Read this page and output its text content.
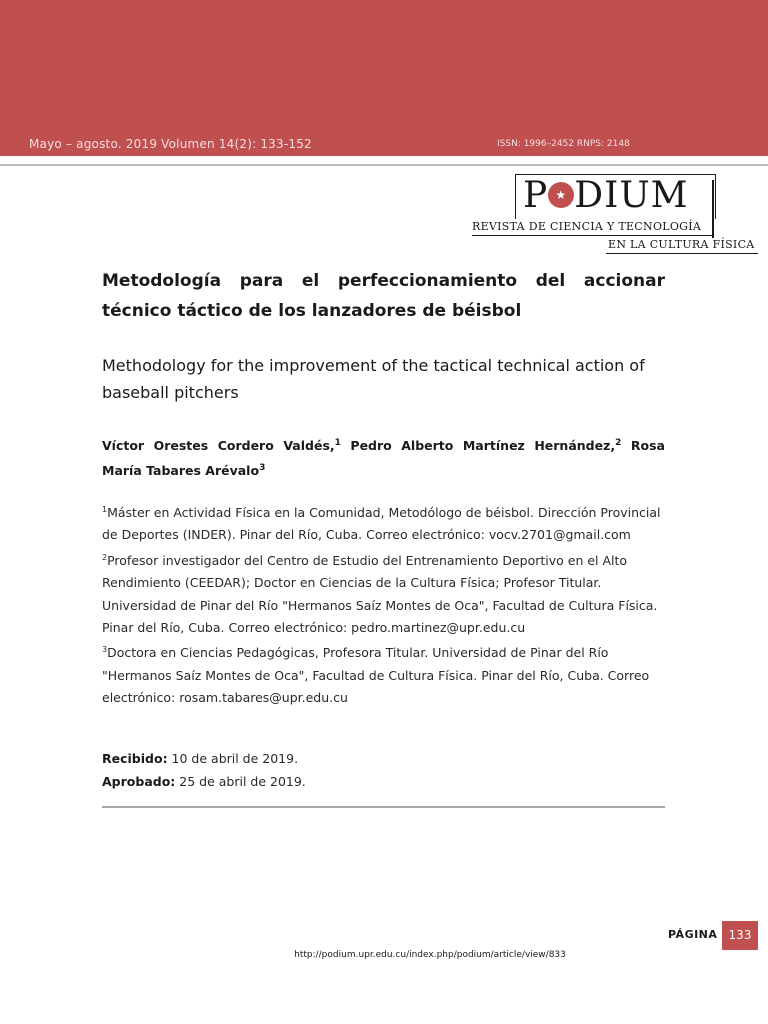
Mayo – agosto. 2019 Volumen 14(2): 133-152	ISSN: 1996–2452 RNPS: 2148
P ★ DIUM
REVISTA DE CIENCIA Y TECNOLOGÍA
EN LA CULTURA FÍSICA
Metodología para el perfeccionamiento del accionar técnico táctico de los lanzadores de béisbol
Methodology for the improvement of the tactical technical action of baseball pitchers
Víctor Orestes Cordero Valdés,$^1$ Pedro Alberto Martínez Hernández,$^2$ Rosa María Tabares Arévalo$^3$

$^1$Máster en Actividad Física en la Comunidad, Metodólogo de béisbol. Dirección Provincial de Deportes (INDER). Pinar del Río, Cuba. Correo electrónico: vocv.2701@gmail.com

$^2$Profesor investigador del Centro de Estudio del Entrenamiento Deportivo en el Alto Rendimiento (CEEDAR); Doctor en Ciencias de la Cultura Física; Profesor Titular. Universidad de Pinar del Río "Hermanos Saíz Montes de Oca", Facultad de Cultura Física. Pinar del Río, Cuba. Correo electrónico: pedro.martinez@upr.edu.cu

$^3$Doctora en Ciencias Pedagógicas, Profesora Titular. Universidad de Pinar del Río "Hermanos Saíz Montes de Oca", Facultad de Cultura Física. Pinar del Río, Cuba. Correo electrónico: rosam.tabares@upr.edu.cu

Recibido: 10 de abril de 2019.
Aprobado: 25 de abril de 2019.
PÁGINA 133
http://podium.upr.edu.cu/index.php/podium/article/view/833
